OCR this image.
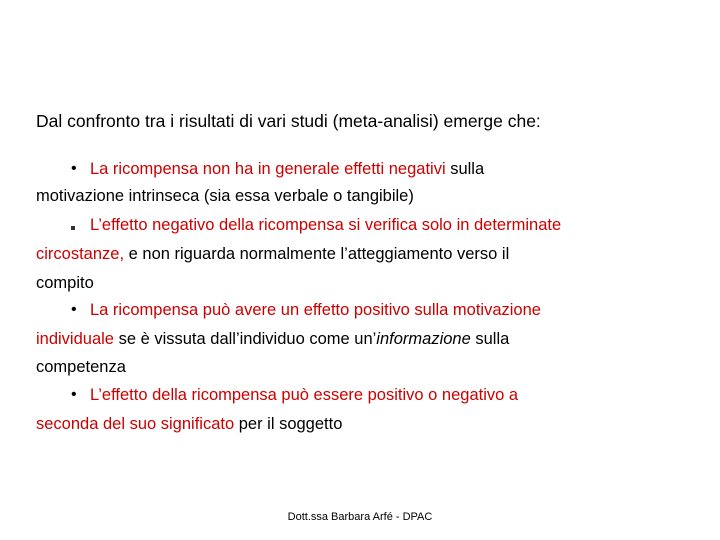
Dal confronto tra i risultati di vari studi (meta-analisi) emerge che:
• La ricompensa non ha in generale effetti negativi sulla
motivazione intrinseca (sia essa verbale o tangibile)
L’effetto negativo della ricompensa si verifica solo in determinate
circostanze, e non riguarda normalmente l’atteggiamento verso il
compito
• La ricompensa può avere un effetto positivo sulla motivazione
individuale se è vissuta dall’individuo come un’informazione sulla
competenza
• L’effetto della ricompensa può essere positivo o negativo a
seconda del suo significato per il soggetto
Dott.ssa Barbara Arfé - DPAC
